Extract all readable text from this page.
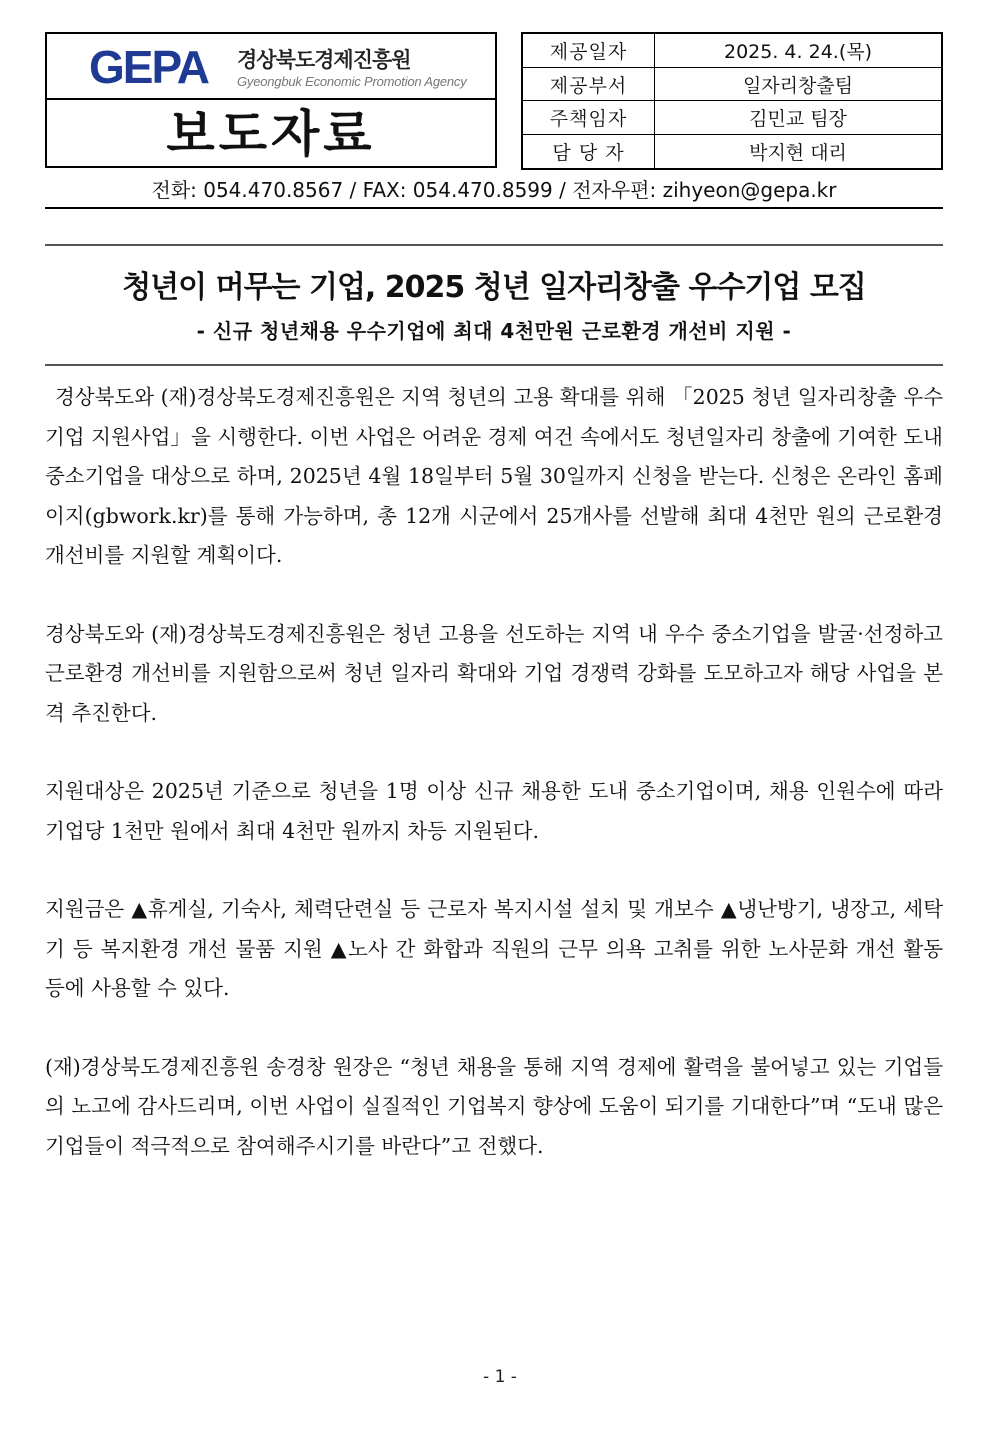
GEPA 경상북도경제진흥원
Gyeongbuk Economic Promotion Agency
보도자료
제공일자	2025. 4. 24.(목)
제공부서	일자리창출팀
주책임자	김민교 팀장
담 당 자	박지현 대리
전화: 054.470.8567 / FAX: 054.470.8599 / 전자우편: zihyeon@gepa.kr
청년이 머무는 기업, 2025 청년 일자리창출 우수기업 모집
- 신규 청년채용 우수기업에 최대 4천만원 근로환경 개선비 지원 -

경상북도와 (재)경상북도경제진흥원은 지역 청년의 고용 확대를 위해 「2025 청년 일자리창출 우수기업 지원사업」을 시행한다. 이번 사업은 어려운 경제 여건 속에서도 청년일자리 창출에 기여한 도내 중소기업을 대상으로 하며, 2025년 4월 18일부터 5월 30일까지 신청을 받는다. 신청은 온라인 홈페이지(gbwork.kr)를 통해 가능하며, 총 12개 시군에서 25개사를 선발해 최대 4천만 원의 근로환경 개선비를 지원할 계획이다.

경상북도와 (재)경상북도경제진흥원은 청년 고용을 선도하는 지역 내 우수 중소기업을 발굴·선정하고 근로환경 개선비를 지원함으로써 청년 일자리 확대와 기업 경쟁력 강화를 도모하고자 해당 사업을 본격 추진한다.

지원대상은 2025년 기준으로 청년을 1명 이상 신규 채용한 도내 중소기업이며, 채용 인원수에 따라 기업당 1천만 원에서 최대 4천만 원까지 차등 지원된다.

지원금은 ▲휴게실, 기숙사, 체력단련실 등 근로자 복지시설 설치 및 개보수 ▲냉난방기, 냉장고, 세탁기 등 복지환경 개선 물품 지원 ▲노사 간 화합과 직원의 근무 의욕 고취를 위한 노사문화 개선 활동 등에 사용할 수 있다.

(재)경상북도경제진흥원 송경창 원장은 “청년 채용을 통해 지역 경제에 활력을 불어넣고 있는 기업들의 노고에 감사드리며, 이번 사업이 실질적인 기업복지 향상에 도움이 되기를 기대한다”며 “도내 많은 기업들이 적극적으로 참여해주시기를 바란다”고 전했다.

- 1 -
